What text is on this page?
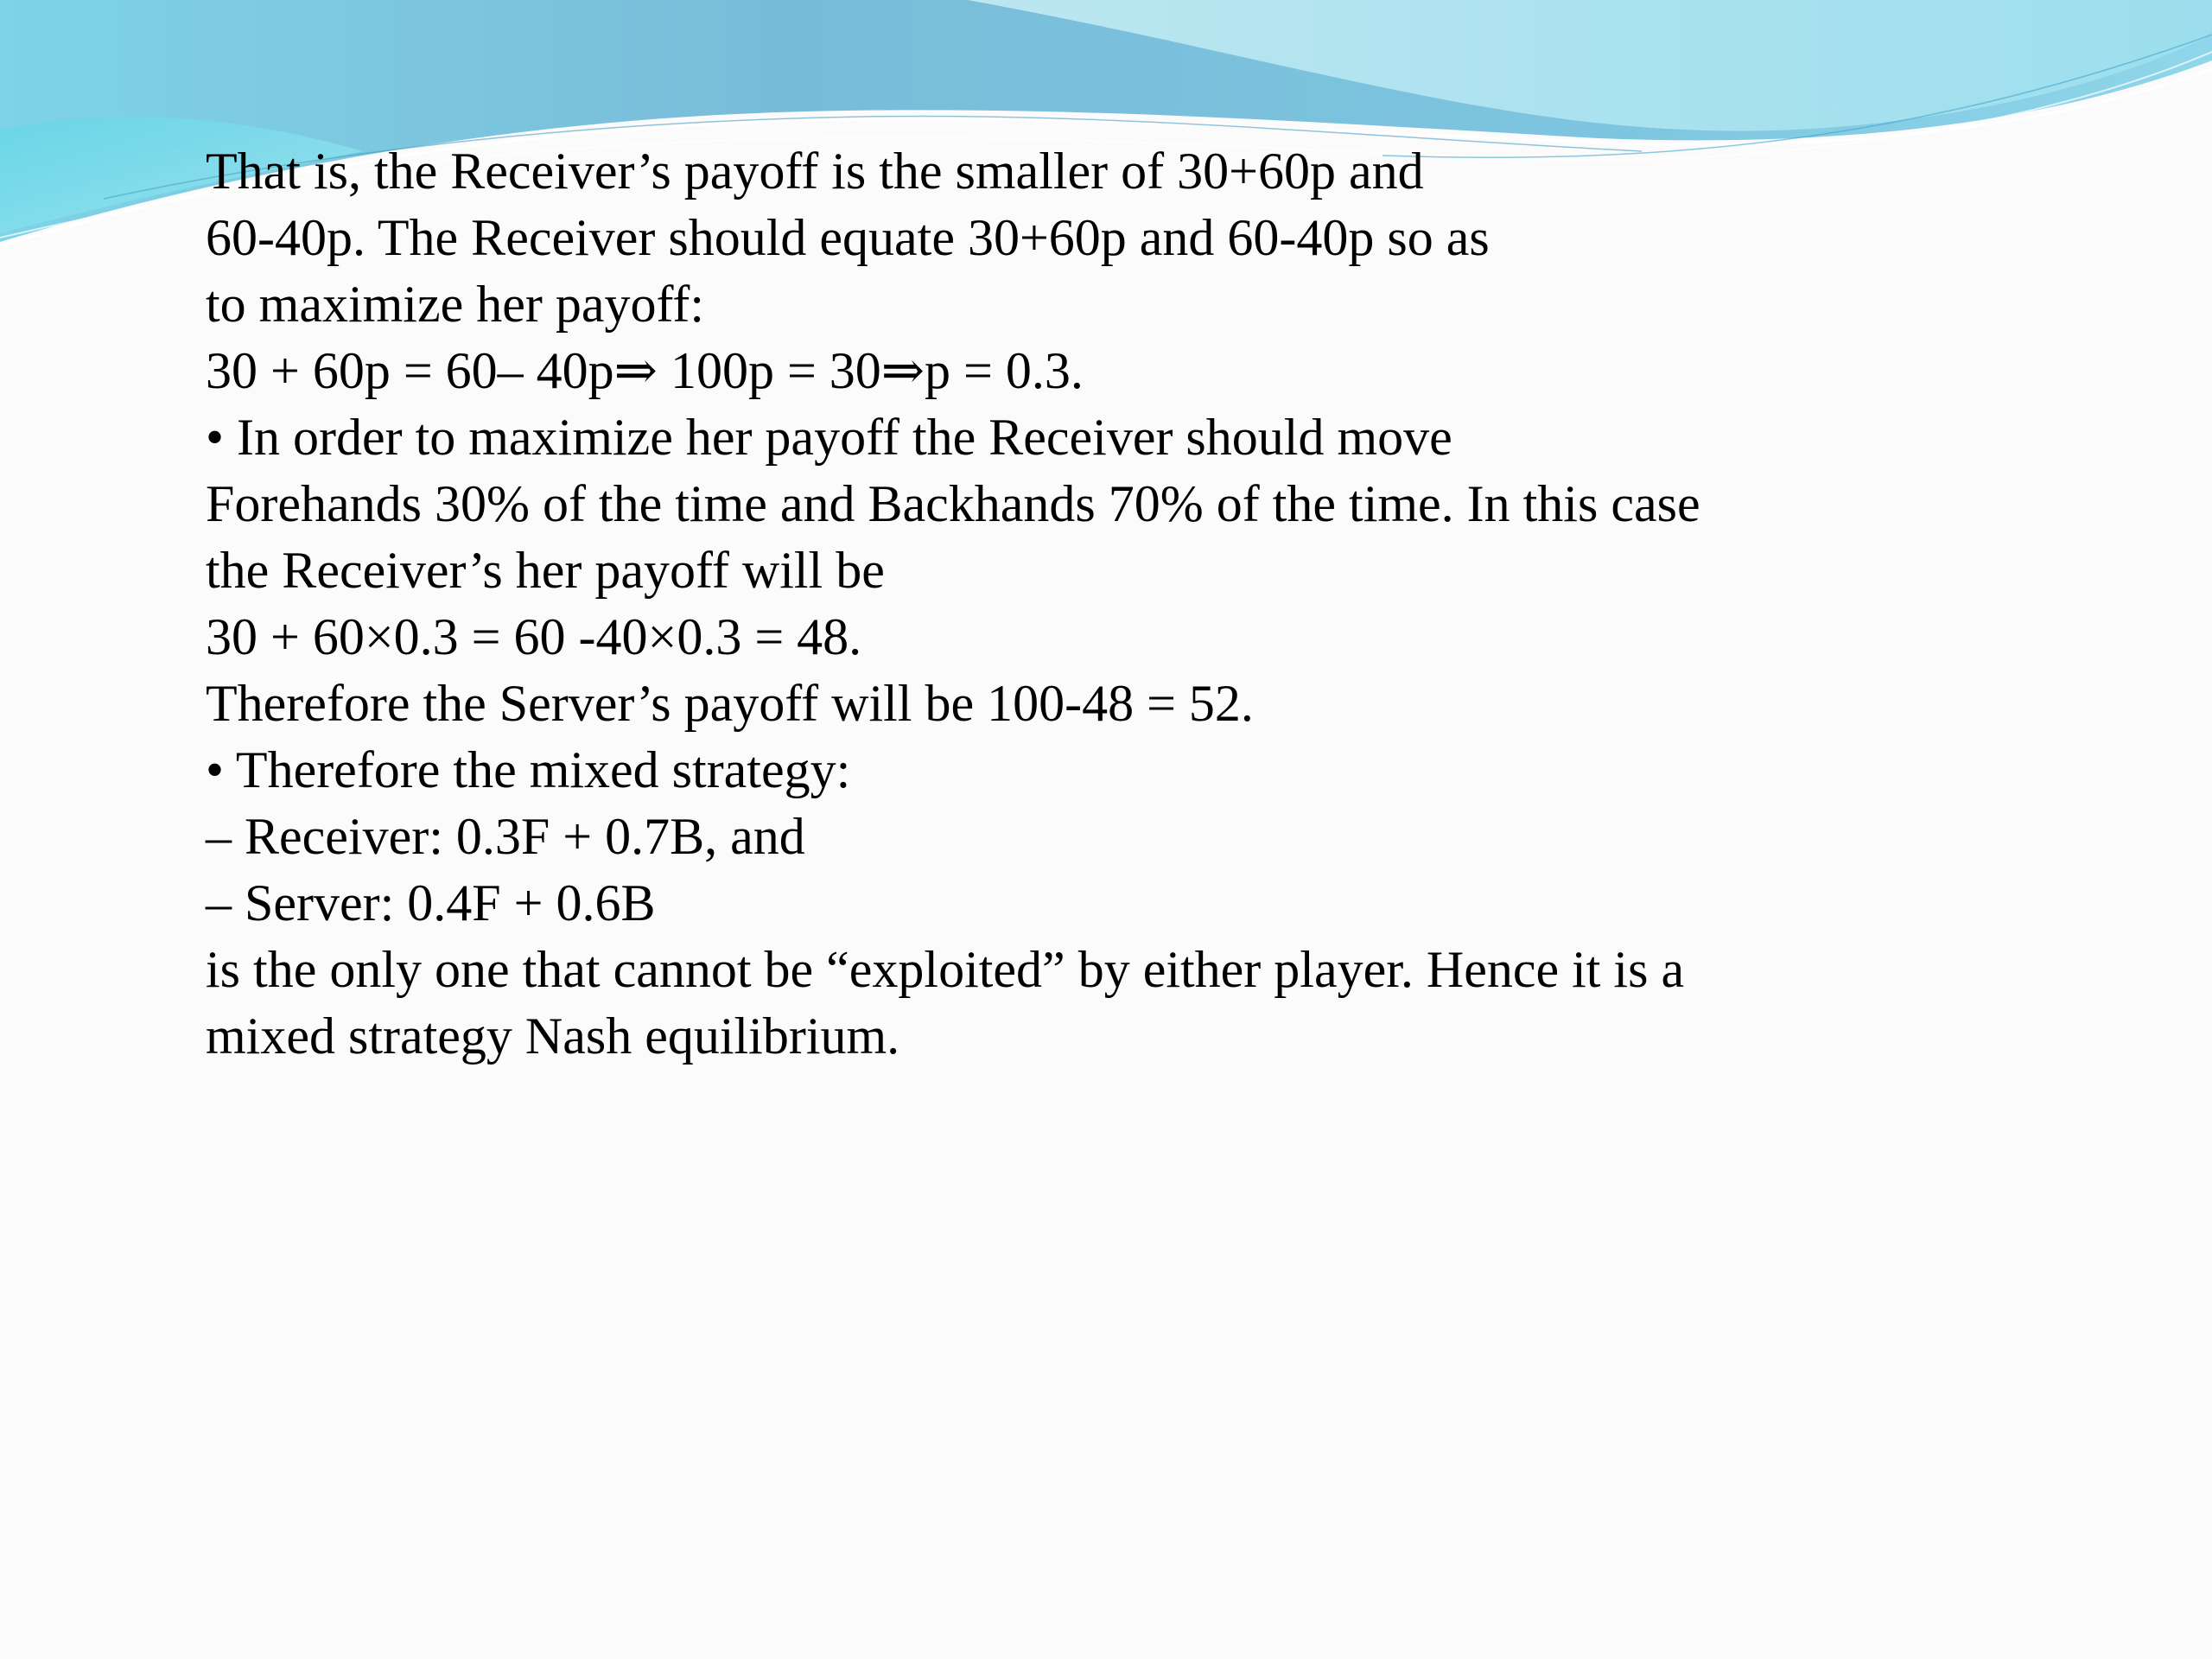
That is, the Receiver’s payoff is the smaller of 30+60p and
60-40p. The Receiver should equate 30+60p and 60-40p so as
to maximize her payoff:
30 + 60p = 60– 40p⇒ 100p = 30⇒p = 0.3.
• In order to maximize her payoff the Receiver should move
Forehands 30% of the time and Backhands 70% of the time. In this case
the Receiver’s her payoff will be
30 + 60×0.3 = 60 -40×0.3 = 48.
Therefore the Server’s payoff will be 100-48 = 52.
• Therefore the mixed strategy:
– Receiver: 0.3F + 0.7B, and
– Server: 0.4F + 0.6B
is the only one that cannot be “exploited” by either player. Hence it is a
mixed strategy Nash equilibrium.
